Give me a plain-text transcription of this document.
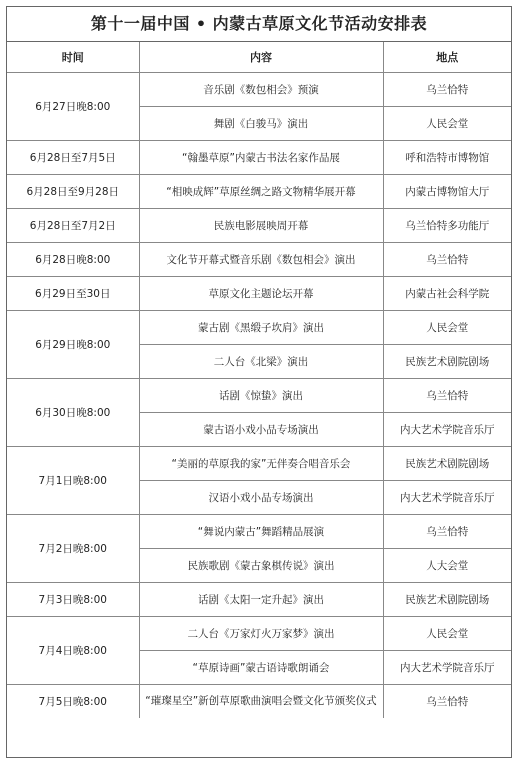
第十一届中国 • 内蒙古草原文化节活动安排表
时间	内容	地点
6月27日晚8:00	音乐剧《数包相会》预演	乌兰恰特
	舞剧《白骏马》演出	人民会堂
6月28日至7月5日	“翰墨草原”内蒙古书法名家作品展	呼和浩特市博物馆
6月28日至9月28日	“相映成辉”草原丝绸之路文物精华展开幕	内蒙古博物馆大厅
6月28日至7月2日	民族电影展映周开幕	乌兰恰特多功能厅
6月28日晚8:00	文化节开幕式暨音乐剧《数包相会》演出	乌兰恰特
6月29日至30日	草原文化主题论坛开幕	内蒙古社会科学院
6月29日晚8:00	蒙古剧《黑缎子坎肩》演出	人民会堂
	二人台《北梁》演出	民族艺术剧院剧场
6月30日晚8:00	话剧《惊蛰》演出	乌兰恰特
	蒙古语小戏小品专场演出	内大艺术学院音乐厅
7月1日晚8:00	“美丽的草原我的家”无伴奏合唱音乐会	民族艺术剧院剧场
	汉语小戏小品专场演出	内大艺术学院音乐厅
7月2日晚8:00	“舞说内蒙古”舞蹈精品展演	乌兰恰特
	民族歌剧《蒙古象棋传说》演出	人大会堂
7月3日晚8:00	话剧《太阳一定升起》演出	民族艺术剧院剧场
7月4日晚8:00	二人台《万家灯火万家梦》演出	人民会堂
	“草原诗画”蒙古语诗歌朗诵会	内大艺术学院音乐厅
7月5日晚8:00	“璀璨星空”新创草原歌曲演唱会暨文化节颁奖仪式	乌兰恰特
